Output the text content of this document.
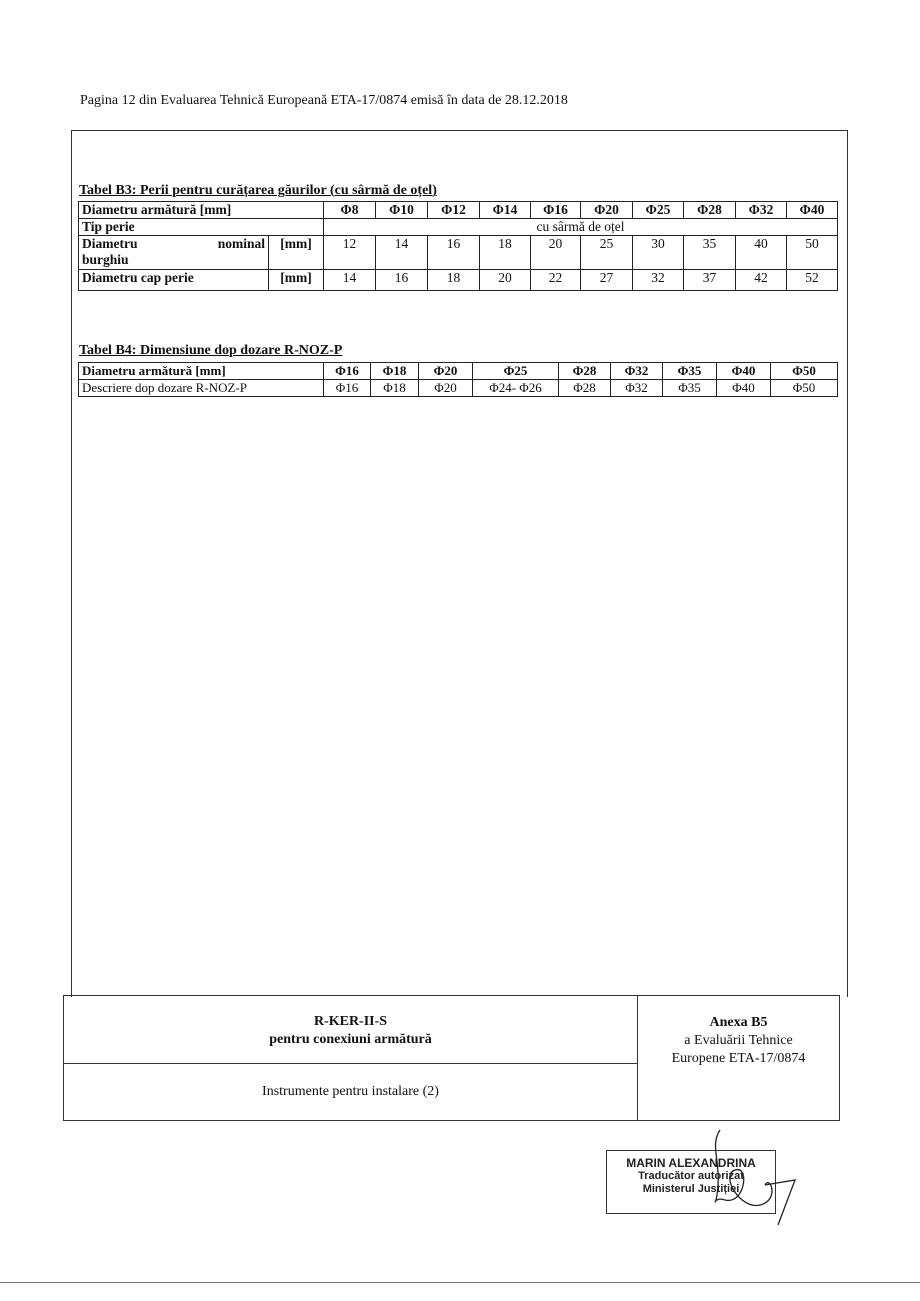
Pagina 12 din Evaluarea Tehnică Europeană ETA-17/0874 emisă în data de 28.12.2018
Tabel B3: Perii pentru curățarea găurilor (cu sârmă de oțel)
Diametru armătură [mm]		Φ8	Φ10	Φ12	Φ14	Φ16	Φ20	Φ25	Φ28	Φ32	Φ40
Tip perie		cu sârmă de oțel									

Diametru nominal
burghiu	[mm]	12	14	16	18	20	25	30	35	40	50
Diametru cap perie	[mm]	14	16	18	20	22	27	32	37	42	52
Tabel B4: Dimensiune dop dozare R-NOZ-P
Diametru armătură [mm]	Φ16	Φ18	Φ20	Φ25	Φ28	Φ32	Φ35	Φ40	Φ50
Descriere dop dozare R-NOZ-P	Φ16	Φ18	Φ20	Φ24- Φ26	Φ28	Φ32	Φ35	Φ40	Φ50
R-KER-II-S
pentru conexiuni armătură
Instrumente pentru instalare (2)
Anexa B5
a Evaluării Tehnice
Europene ETA-17/0874
MARIN ALEXANDRINA
Traducător autorizat
Ministerul Justiției
